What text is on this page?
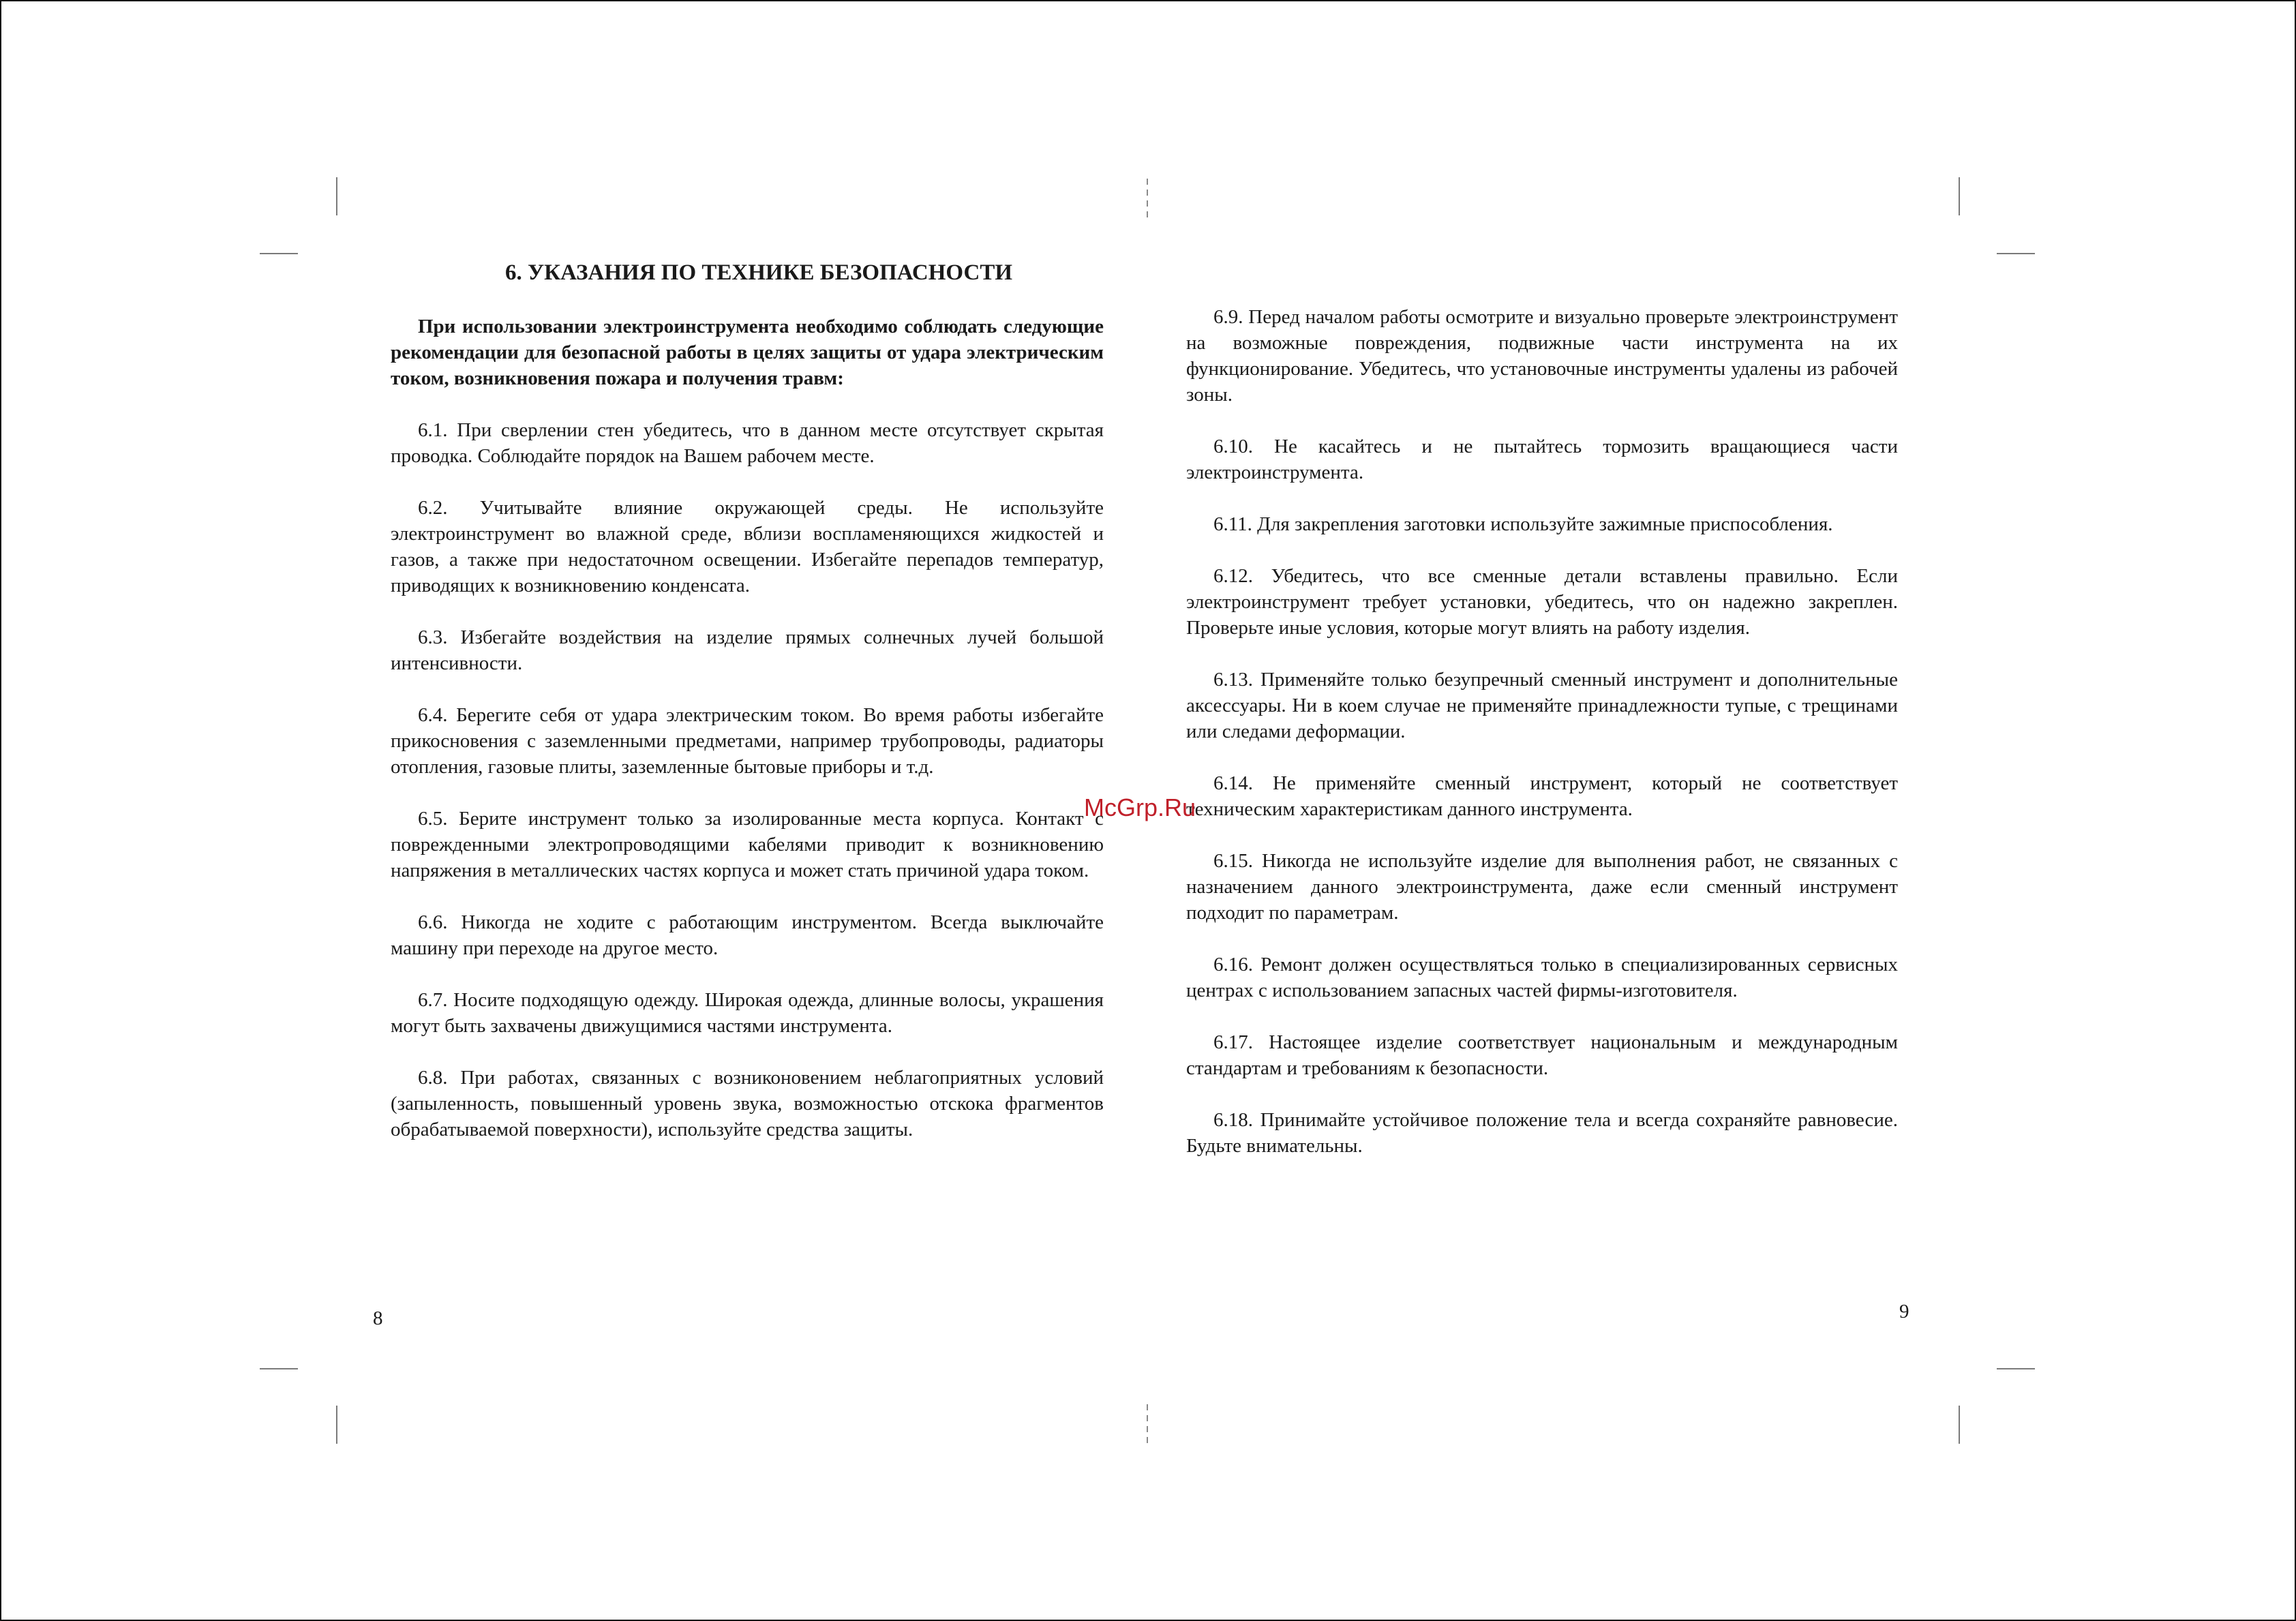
6. УКАЗАНИЯ ПО ТЕХНИКЕ БЕЗОПАСНОСТИ

При использовании электроинструмента необходимо соблюдать следующие рекомендации для безопасной работы в целях защиты от удара электрическим током, возникновения пожара и получения травм:

6.1. При сверлении стен убедитесь, что в данном месте отсутствует скрытая проводка. Соблюдайте порядок на Вашем рабочем месте.

6.2. Учитывайте влияние окружающей среды. Не используйте электроинструмент во влажной среде, вблизи воспламеняющихся жидкостей и газов, а также при недостаточном освещении. Избегайте перепадов температур, приводящих к возникновению конденсата.

6.3. Избегайте воздействия на изделие прямых солнечных лучей большой интенсивности.

6.4. Берегите себя от удара электрическим током. Во время работы избегайте прикосновения с заземленными предметами, например трубопроводы, радиаторы отопления, газовые плиты, заземленные бытовые приборы и т.д.

6.5. Берите инструмент только за изолированные места корпуса. Контакт с поврежденными электропроводящими кабелями приводит к возникновению напряжения в металлических частях корпуса и может стать причиной удара током.

6.6. Никогда не ходите с работающим инструментом. Всегда выключайте машину при переходе на другое место.

6.7. Носите подходящую одежду. Широкая одежда, длинные волосы, украшения могут быть захвачены движущимися частями инструмента.

6.8. При работах, связанных с возниконовением неблагоприятных условий (запыленность, повышенный уровень звука, возможностью отскока фрагментов обрабатываемой поверхности), используйте средства защиты.

8

6.9. Перед началом работы осмотрите и визуально проверьте электроинструмент на возможные повреждения, подвижные части инструмента на их функционирование. Убедитесь, что установочные инструменты удалены из рабочей зоны.

6.10. Не касайтесь и не пытайтесь тормозить вращающиеся части электроинструмента.

6.11. Для закрепления заготовки используйте зажимные приспособления.

6.12. Убедитесь, что все сменные детали вставлены правильно. Если электроинструмент требует установки, убедитесь, что он надежно закреплен. Проверьте иные условия, которые могут влиять на работу изделия.

6.13. Применяйте только безупречный сменный инструмент и дополнительные аксессуары. Ни в коем случае не применяйте принадлежности тупые, с трещинами или следами деформации.

6.14. Не применяйте сменный инструмент, который не соответствует техническим характеристикам данного инструмента.

6.15. Никогда не используйте изделие для выполнения работ, не связанных с назначением данного электроинструмента, даже если сменный инструмент подходит по параметрам.

6.16. Ремонт должен осуществляться только в специализированных сервисных центрах с использованием запасных частей фирмы-изготовителя.

6.17. Настоящее изделие соответствует национальным и международным стандартам и требованиям к безопасности.

6.18. Принимайте устойчивое положение тела и всегда сохраняйте равновесие. Будьте внимательны.

9
McGrp.Ru
